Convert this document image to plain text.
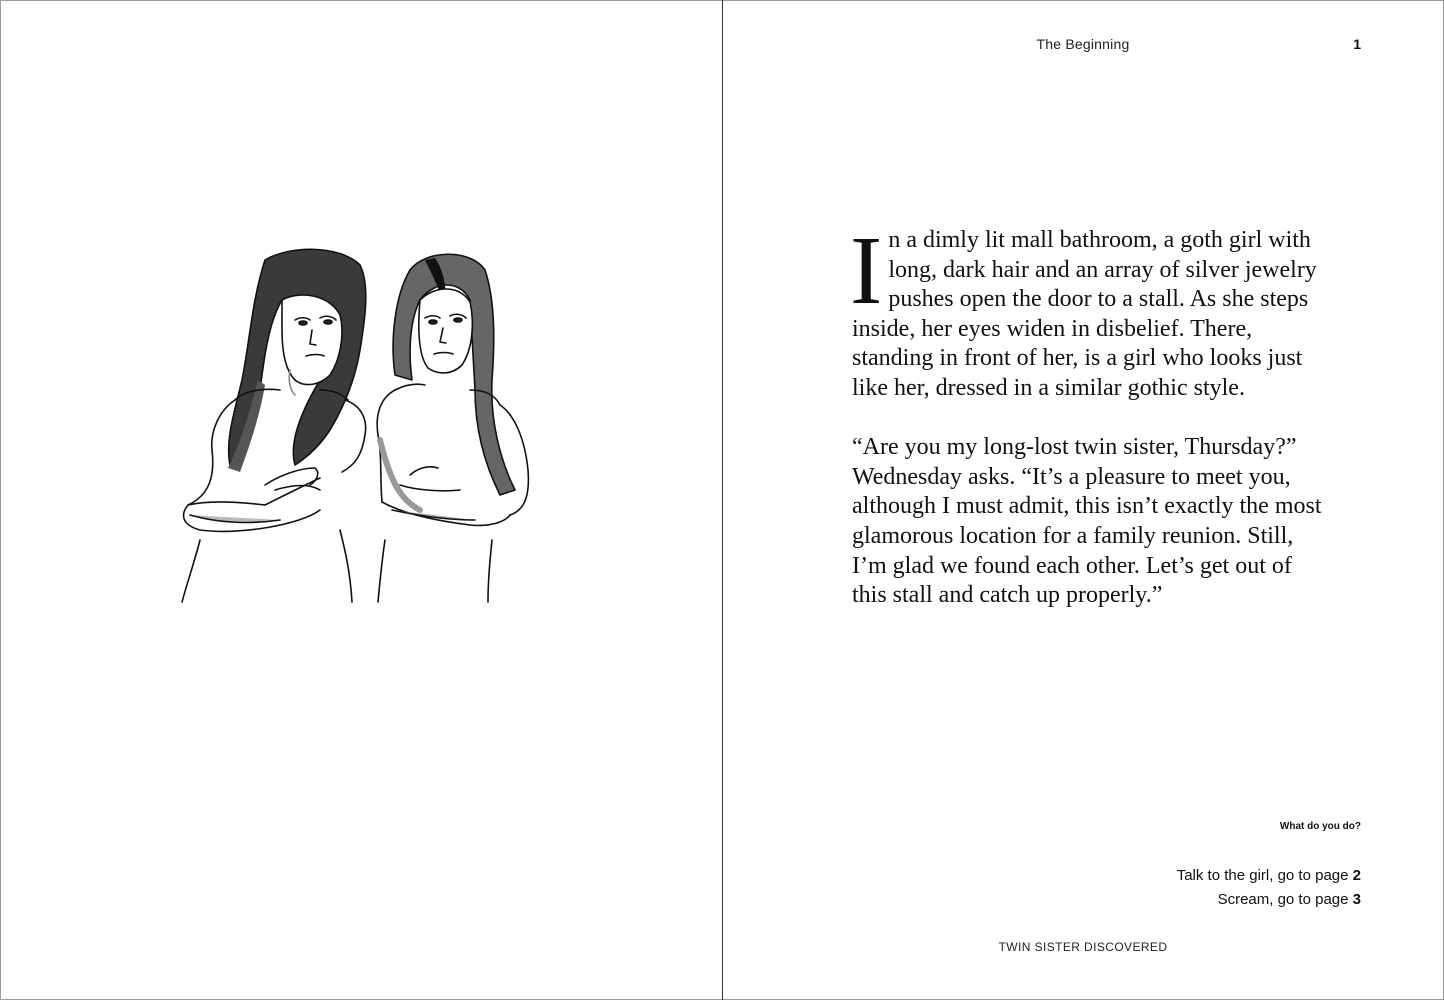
The Beginning	1

In a dimly lit mall bathroom, a goth girl with long, dark hair and an array of silver jewelry pushes open the door to a stall. As she steps inside, her eyes widen in disbelief. There, standing in front of her, is a girl who looks just like her, dressed in a similar gothic style.

“Are you my long-lost twin sister, Thursday?” Wednesday asks. “It’s a pleasure to meet you, although I must admit, this isn’t exactly the most glamorous location for a family reunion. Still, I’m glad we found each other. Let’s get out of this stall and catch up properly.”

What do you do?
Talk to the girl, go to page 2
Scream, go to page 3
TWIN SISTER DISCOVERED
